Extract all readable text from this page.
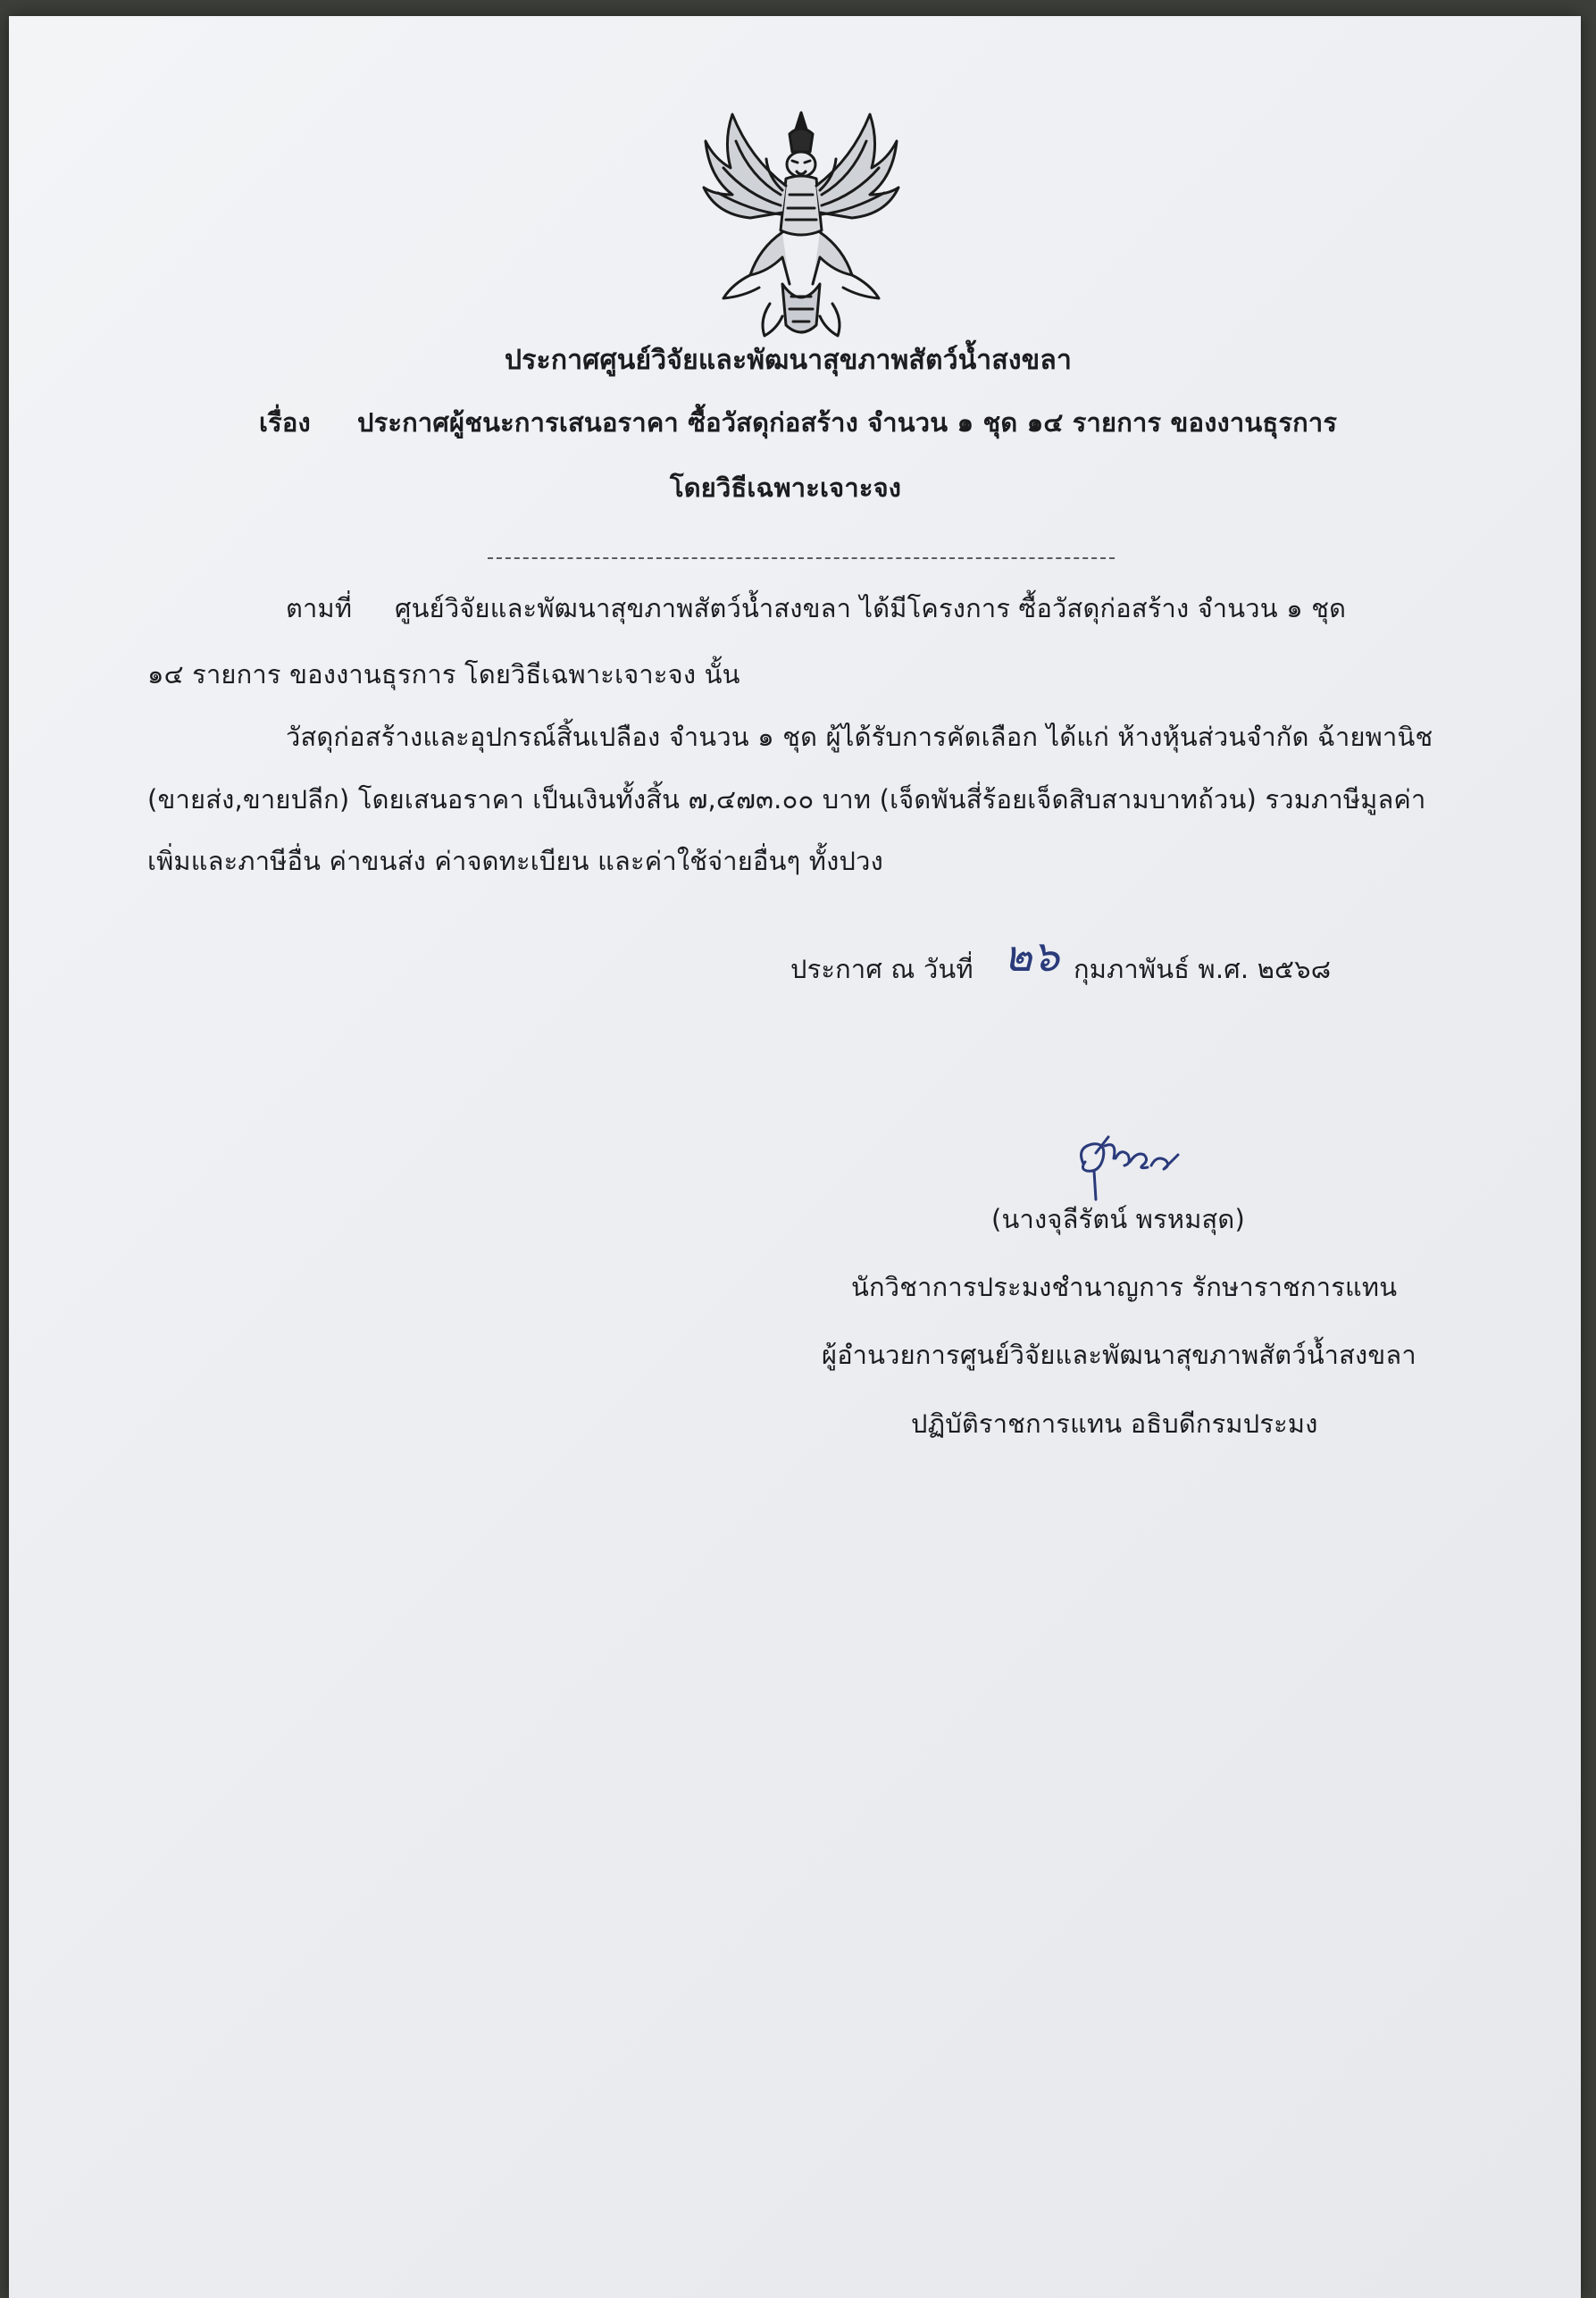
ประกาศศูนย์วิจัยและพัฒนาสุขภาพสัตว์น้ำสงขลา
เรื่อง ประกาศผู้ชนะการเสนอราคา ซื้อวัสดุก่อสร้าง จำนวน ๑ ชุด ๑๔ รายการ ของงานธุรการ
โดยวิธีเฉพาะเจาะจง
ตามที่ ศูนย์วิจัยและพัฒนาสุขภาพสัตว์น้ำสงขลา ได้มีโครงการ ซื้อวัสดุก่อสร้าง จำนวน ๑ ชุด
๑๔ รายการ ของงานธุรการ โดยวิธีเฉพาะเจาะจง นั้น
วัสดุก่อสร้างและอุปกรณ์สิ้นเปลือง จำนวน ๑ ชุด ผู้ได้รับการคัดเลือก ได้แก่ ห้างหุ้นส่วนจำกัด ฉ้ายพานิช
(ขายส่ง,ขายปลีก) โดยเสนอราคา เป็นเงินทั้งสิ้น ๗,๔๗๓.๐๐ บาท (เจ็ดพันสี่ร้อยเจ็ดสิบสามบาทถ้วน) รวมภาษีมูลค่า
เพิ่มและภาษีอื่น ค่าขนส่ง ค่าจดทะเบียน และค่าใช้จ่ายอื่นๆ ทั้งปวง
ประกาศ ณ วันที่ ๒๖ กุมภาพันธ์ พ.ศ. ๒๕๖๘
(นางจุลีรัตน์ พรหมสุด)
นักวิชาการประมงชำนาญการ รักษาราชการแทน
ผู้อำนวยการศูนย์วิจัยและพัฒนาสุขภาพสัตว์น้ำสงขลา
ปฏิบัติราชการแทน อธิบดีกรมประมง
